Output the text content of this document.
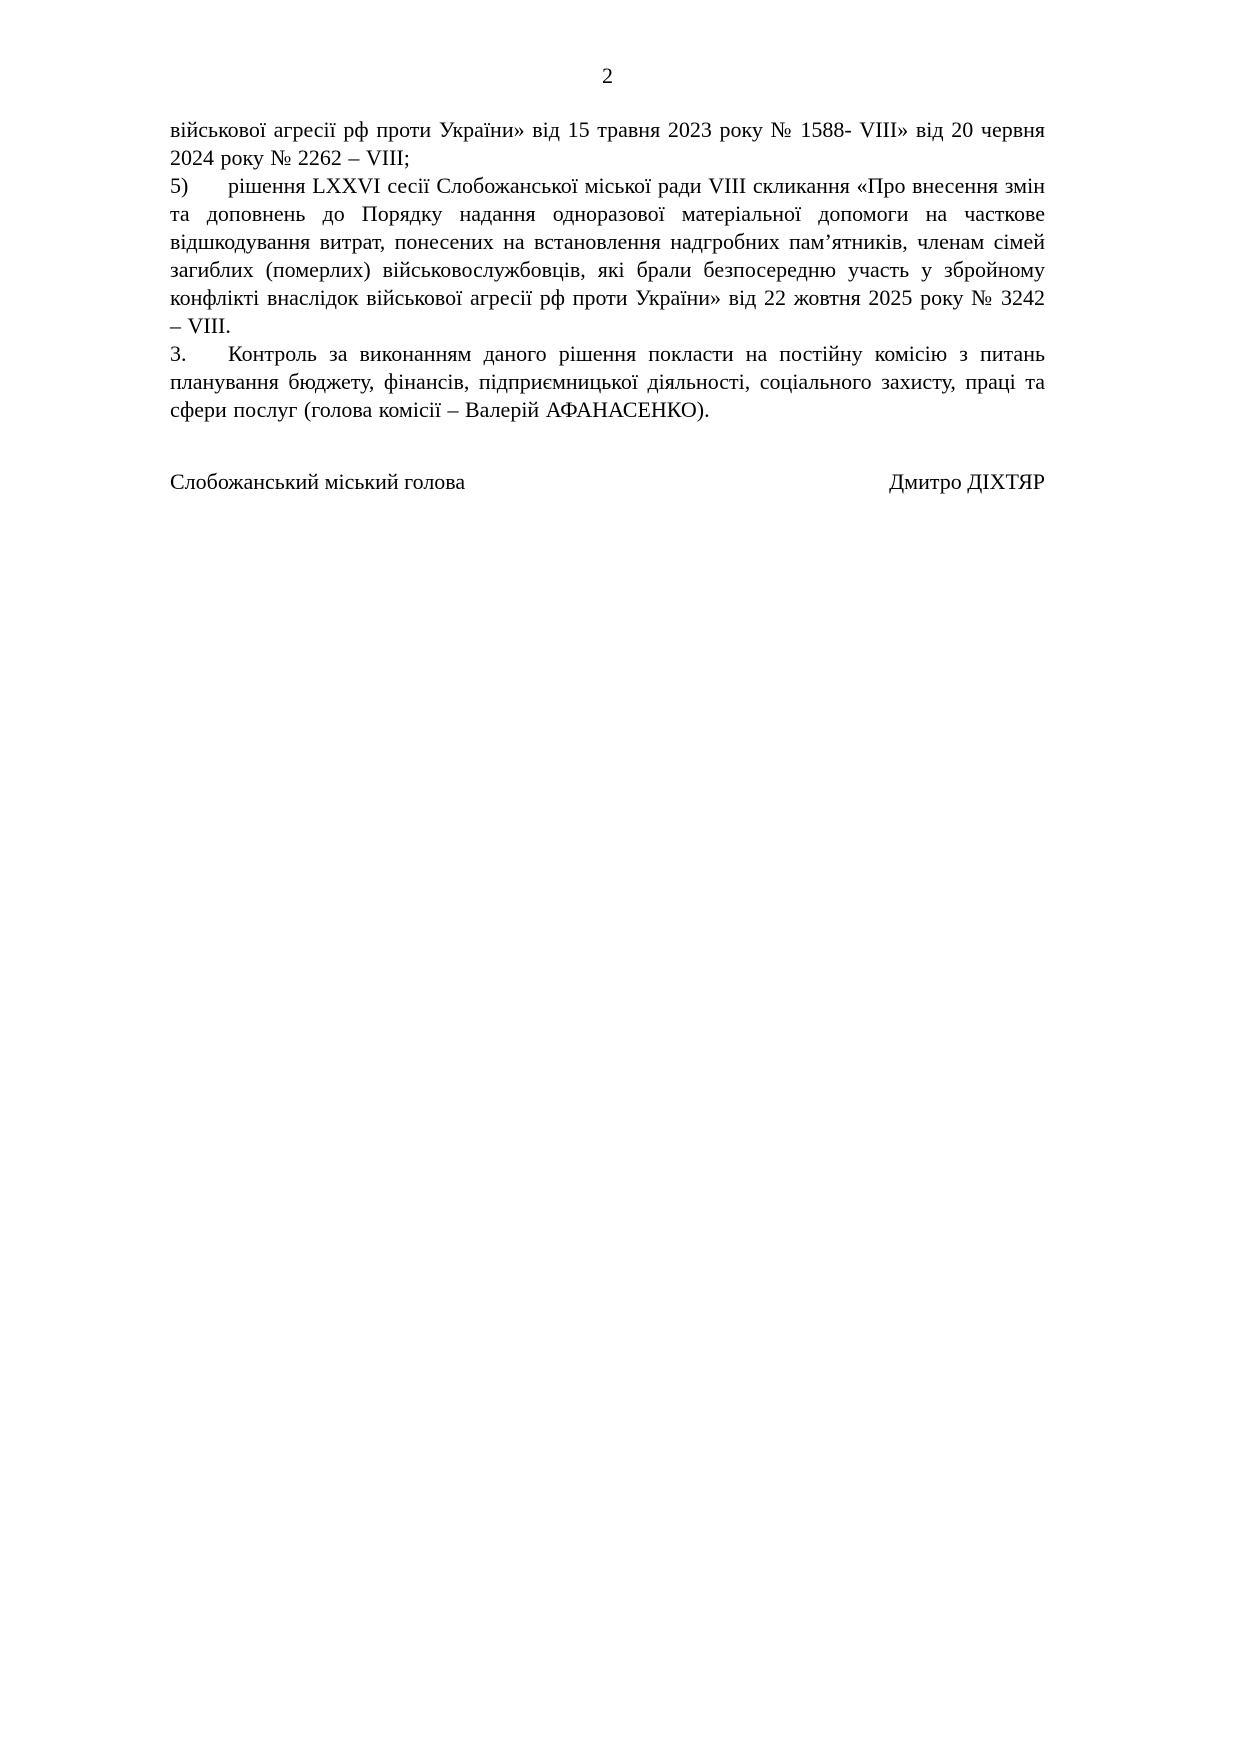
2

військової агресії рф проти України» від 15 травня 2023 року № 1588- VIII» від 20 червня 2024 року № 2262 – VIII;

5) рішення LXXVI сесії Слобожанської міської ради VIII скликання «Про внесення змін та доповнень до Порядку надання одноразової матеріальної допомоги на часткове відшкодування витрат, понесених на встановлення надгробних пам’ятників, членам сімей загиблих (померлих) військовослужбовців, які брали безпосередню участь у збройному конфлікті внаслідок військової агресії рф проти України» від 22 жовтня 2025 року № 3242 – VIII.

3. Контроль за виконанням даного рішення покласти на постійну комісію з питань планування бюджету, фінансів, підприємницької діяльності, соціального захисту, праці та сфери послуг (голова комісії – Валерій АФАНАСЕНКО).

Слобожанський міський голова	Дмитро ДІХТЯР
